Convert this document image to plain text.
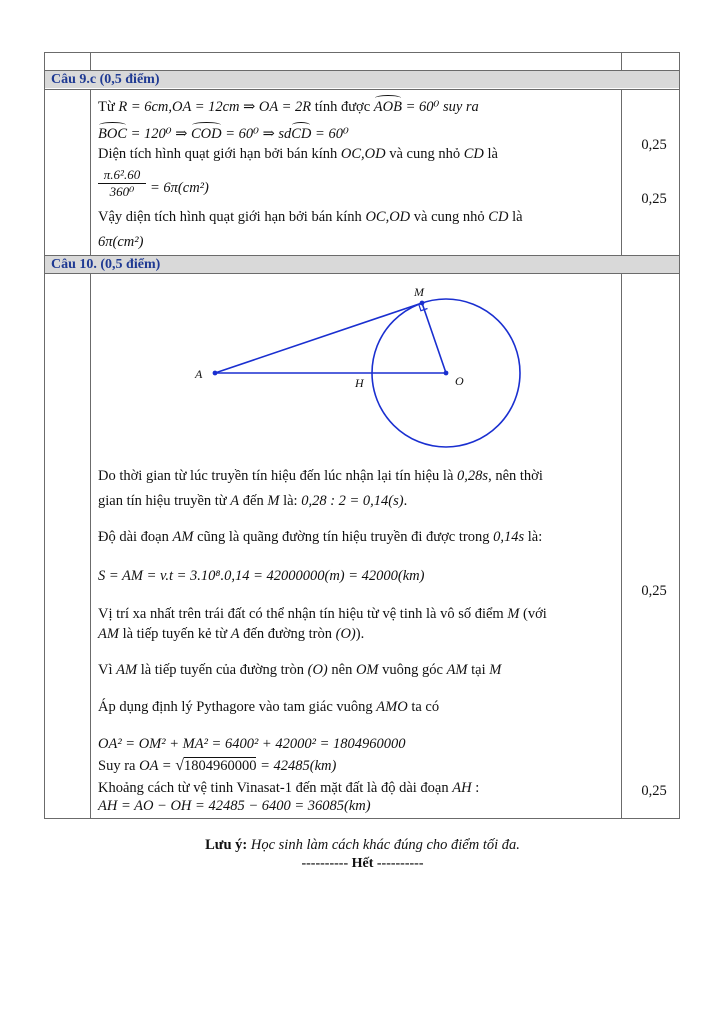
Câu 9.c (0,5 điểm)
Câu 10. (0,5 điểm)
Từ R = 6cm,OA = 12cm ⇒ OA = 2R tính được AOB = 60⁰ suy ra
BOC = 120⁰ ⇒ COD = 60⁰ ⇒ sdCD = 60⁰
Diện tích hình quạt giới hạn bởi bán kính OC,OD và cung nhỏ CD là
$\frac{\text{π.6².60}}{\text{360⁰}} = 6\pi(cm^2)$
Vậy diện tích hình quạt giới hạn bởi bán kính OC,OD và cung nhỏ CD là
6π(cm²)
0,25
0,25
Do thời gian từ lúc truyền tín hiệu đến lúc nhận lại tín hiệu là 0,28s, nên thời
gian tín hiệu truyền từ A đến M là: 0,28 : 2 = 0,14(s).
Độ dài đoạn AM cũng là quãng đường tín hiệu truyền đi được trong 0,14s là:
S = AM = v.t = 3.10⁸.0,14 = 42000000(m) = 42000(km)
Vị trí xa nhất trên trái đất có thể nhận tín hiệu từ vệ tinh là vô số điểm M (với
AM là tiếp tuyến kẻ từ A đến đường tròn (O)).
Vì AM là tiếp tuyến của đường tròn (O) nên OM vuông góc AM tại M
Áp dụng định lý Pythagore vào tam giác vuông AMO ta có
OA² = OM² + MA² = 6400² + 42000² = 1804960000
Suy ra OA = √1804960000 = 42485(km)
Khoảng cách từ vệ tinh Vinasat-1 đến mặt đất là độ dài đoạn AH :
AH = AO − OH = 42485 − 6400 = 36085(km)
0,25
0,25
M
A
H	O
Lưu ý: Học sinh làm cách khác đúng cho điểm tối đa.
---------- Hết ----------
